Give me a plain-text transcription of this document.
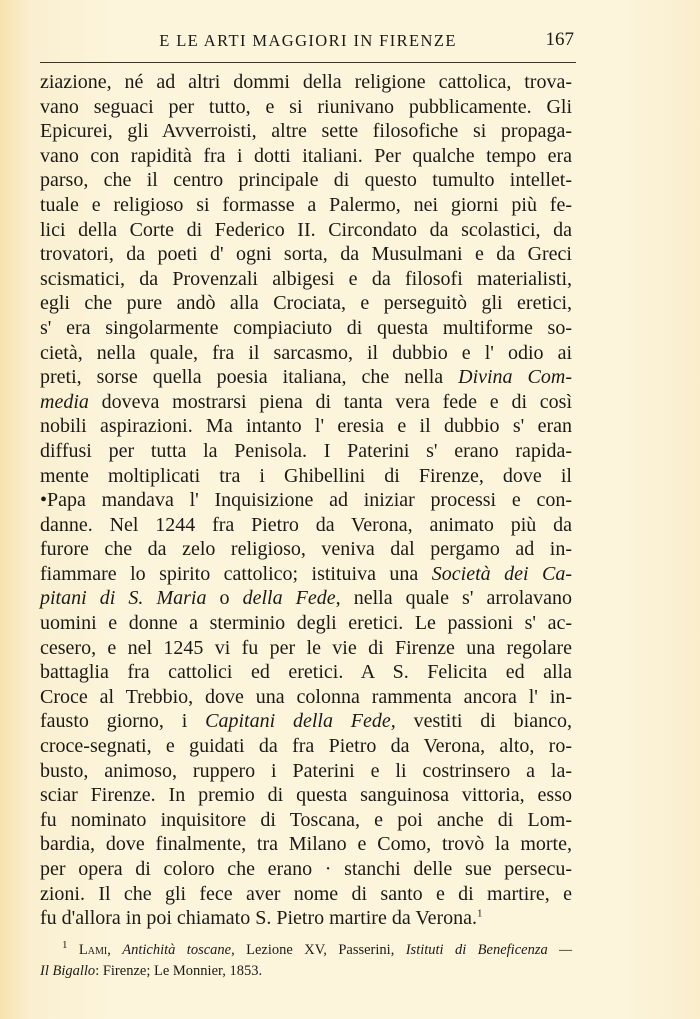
E LE ARTI MAGGIORI IN FIRENZE	167
ziazione, né ad altri dommi della religione cattolica, trova-
vano seguaci per tutto, e si riunivano pubblicamente. Gli
Epicurei, gli Avverroisti, altre sette filosofiche si propaga-
vano con rapidità fra i dotti italiani. Per qualche tempo era
parso, che il centro principale di questo tumulto intellet-
tuale e religioso si formasse a Palermo, nei giorni più fe-
lici della Corte di Federico II. Circondato da scolastici, da
trovatori, da poeti d' ogni sorta, da Musulmani e da Greci
scismatici, da Provenzali albigesi e da filosofi materialisti,
egli che pure andò alla Crociata, e perseguitò gli eretici,
s' era singolarmente compiaciuto di questa multiforme so-
cietà, nella quale, fra il sarcasmo, il dubbio e l' odio ai
preti, sorse quella poesia italiana, che nella Divina Com-
media doveva mostrarsi piena di tanta vera fede e di così
nobili aspirazioni. Ma intanto l' eresia e il dubbio s' eran
diffusi per tutta la Penisola. I Paterini s' erano rapida-
mente moltiplicati tra i Ghibellini di Firenze, dove il
•Papa mandava l' Inquisizione ad iniziar processi e con-
danne. Nel 1244 fra Pietro da Verona, animato più da
furore che da zelo religioso, veniva dal pergamo ad in-
fiammare lo spirito cattolico; istituiva una Società dei Ca-
pitani di S. Maria o della Fede, nella quale s' arrolavano
uomini e donne a sterminio degli eretici. Le passioni s' ac-
cesero, e nel 1245 vi fu per le vie di Firenze una regolare
battaglia fra cattolici ed eretici. A S. Felicita ed alla
Croce al Trebbio, dove una colonna rammenta ancora l' in-
fausto giorno, i Capitani della Fede, vestiti di bianco,
croce-segnati, e guidati da fra Pietro da Verona, alto, ro-
busto, animoso, ruppero i Paterini e li costrinsero a la-
sciar Firenze. In premio di questa sanguinosa vittoria, esso
fu nominato inquisitore di Toscana, e poi anche di Lom-
bardia, dove finalmente, tra Milano e Como, trovò la morte,
per opera di coloro che erano · stanchi delle sue persecu-
zioni. Il che gli fece aver nome di santo e di martire, e
fu d'allora in poi chiamato S. Pietro martire da Verona.$^1$
$^1$ Lami, Antichità toscane, Lezione XV, Passerini, Istituti di Beneficenza —
Il Bigallo: Firenze; Le Monnier, 1853.
